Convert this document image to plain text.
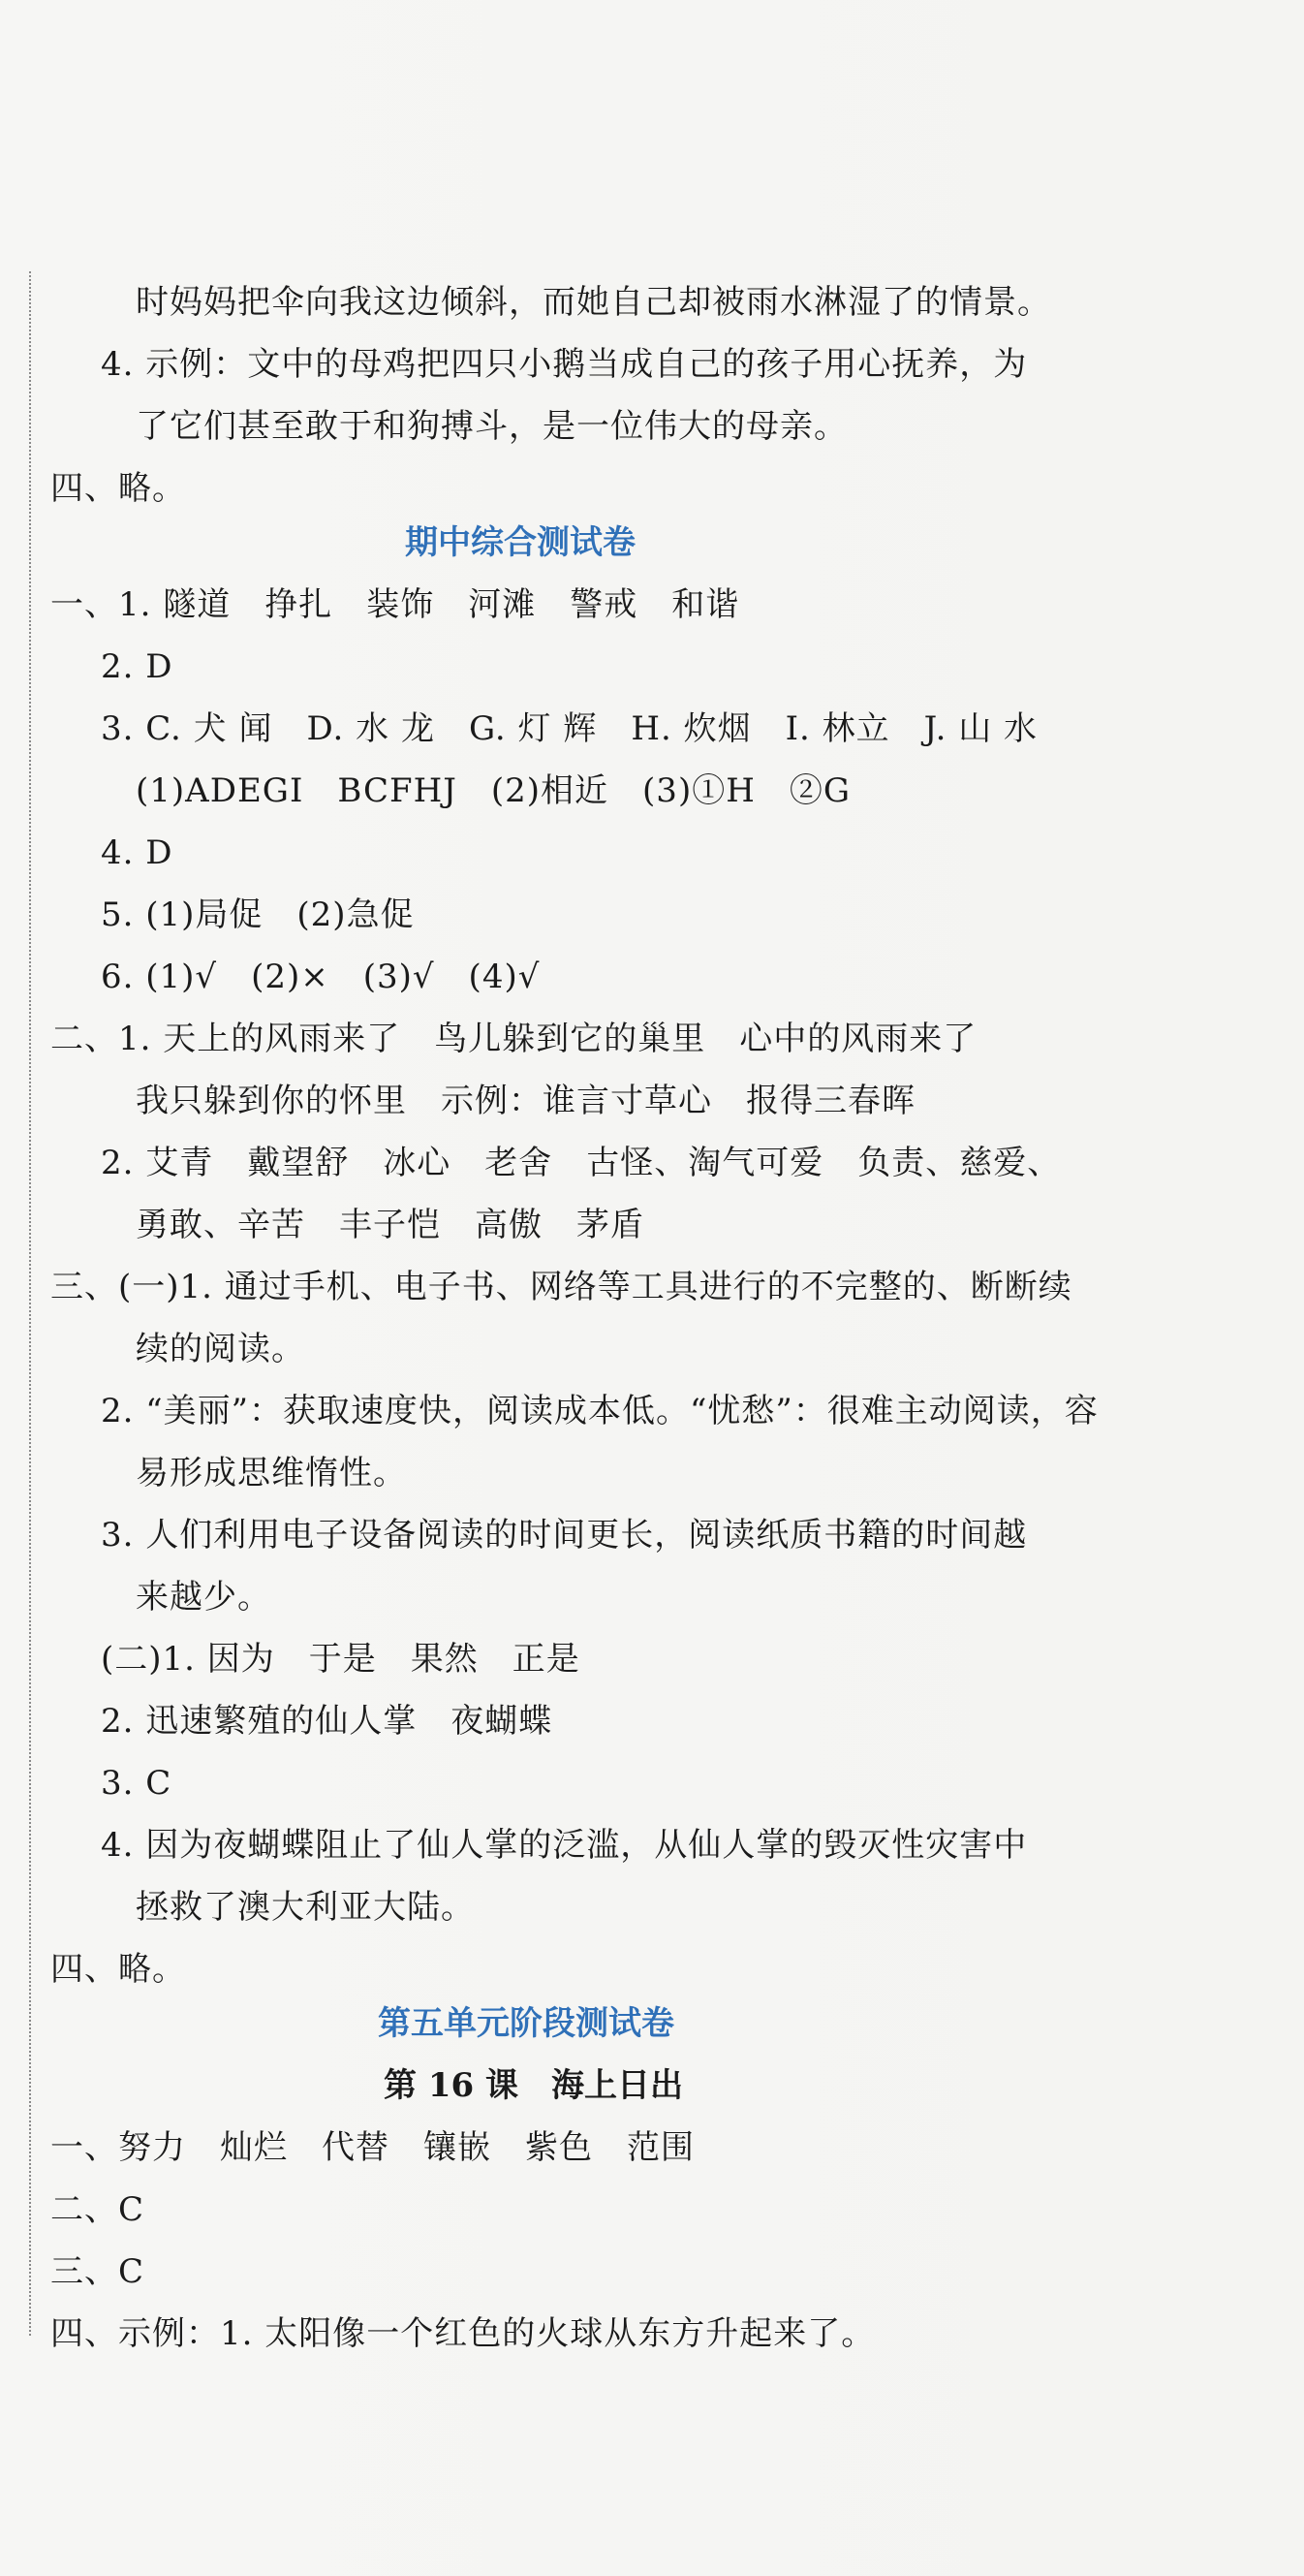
时妈妈把伞向我这边倾斜，而她自己却被雨水淋湿了的情景。
4. 示例：文中的母鸡把四只小鹅当成自己的孩子用心抚养，为
了它们甚至敢于和狗搏斗，是一位伟大的母亲。
四、略。
期中综合测试卷
一、1. 隧道　挣扎　装饰　河滩　警戒　和谐
2. D
3. C. 犬 闻　D. 水 龙　G. 灯 辉　H. 炊烟　I. 林立　J. 山 水
(1)ADEGI　BCFHJ　(2)相近　(3)①H　②G
4. D
5. (1)局促　(2)急促
6. (1)√　(2)×　(3)√　(4)√
二、1. 天上的风雨来了　鸟儿躲到它的巢里　心中的风雨来了
我只躲到你的怀里　示例：谁言寸草心　报得三春晖
2. 艾青　戴望舒　冰心　老舍　古怪、淘气可爱　负责、慈爱、
勇敢、辛苦　丰子恺　高傲　茅盾
三、(一)1. 通过手机、电子书、网络等工具进行的不完整的、断断续
续的阅读。
2. “美丽”：获取速度快，阅读成本低。“忧愁”：很难主动阅读，容
易形成思维惰性。
3. 人们利用电子设备阅读的时间更长，阅读纸质书籍的时间越
来越少。
(二)1. 因为　于是　果然　正是
2. 迅速繁殖的仙人掌　夜蝴蝶
3. C
4. 因为夜蝴蝶阻止了仙人掌的泛滥，从仙人掌的毁灭性灾害中
拯救了澳大利亚大陆。
四、略。
第五单元阶段测试卷
第 16 课　海上日出
一、努力　灿烂　代替　镶嵌　紫色　范围
二、C
三、C
四、示例：1. 太阳像一个红色的火球从东方升起来了。
